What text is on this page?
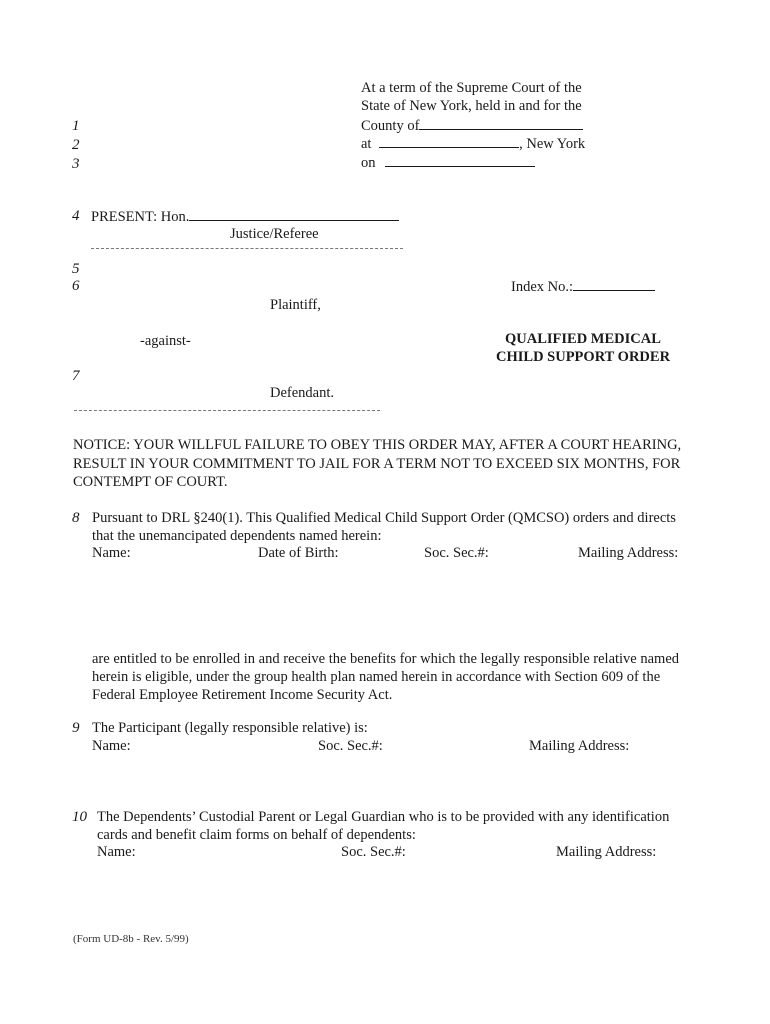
At a term of the Supreme Court of the
State of New York, held in and for the
County of
at	, New York
on
1
2
3
4 PRESENT: Hon.
Justice/Referee
5
6	Index No.:
Plaintiff,
-against-	QUALIFIED MEDICAL
CHILD SUPPORT ORDER
7
Defendant.
NOTICE: YOUR WILLFUL FAILURE TO OBEY THIS ORDER MAY, AFTER A COURT HEARING,
RESULT IN YOUR COMMITMENT TO JAIL FOR A TERM NOT TO EXCEED SIX MONTHS, FOR
CONTEMPT OF COURT.
8 Pursuant to DRL §240(1). This Qualified Medical Child Support Order (QMCSO) orders and directs
that the unemancipated dependents named herein:
Name:	Date of Birth:	Soc. Sec.#:	Mailing Address:
are entitled to be enrolled in and receive the benefits for which the legally responsible relative named
herein is eligible, under the group health plan named herein in accordance with Section 609 of the
Federal Employee Retirement Income Security Act.
9 The Participant (legally responsible relative) is:
Name:	Soc. Sec.#:	Mailing Address:
10 The Dependents’ Custodial Parent or Legal Guardian who is to be provided with any identification
cards and benefit claim forms on behalf of dependents:
Name:	Soc. Sec.#:	Mailing Address:
(Form UD-8b - Rev. 5/99)
